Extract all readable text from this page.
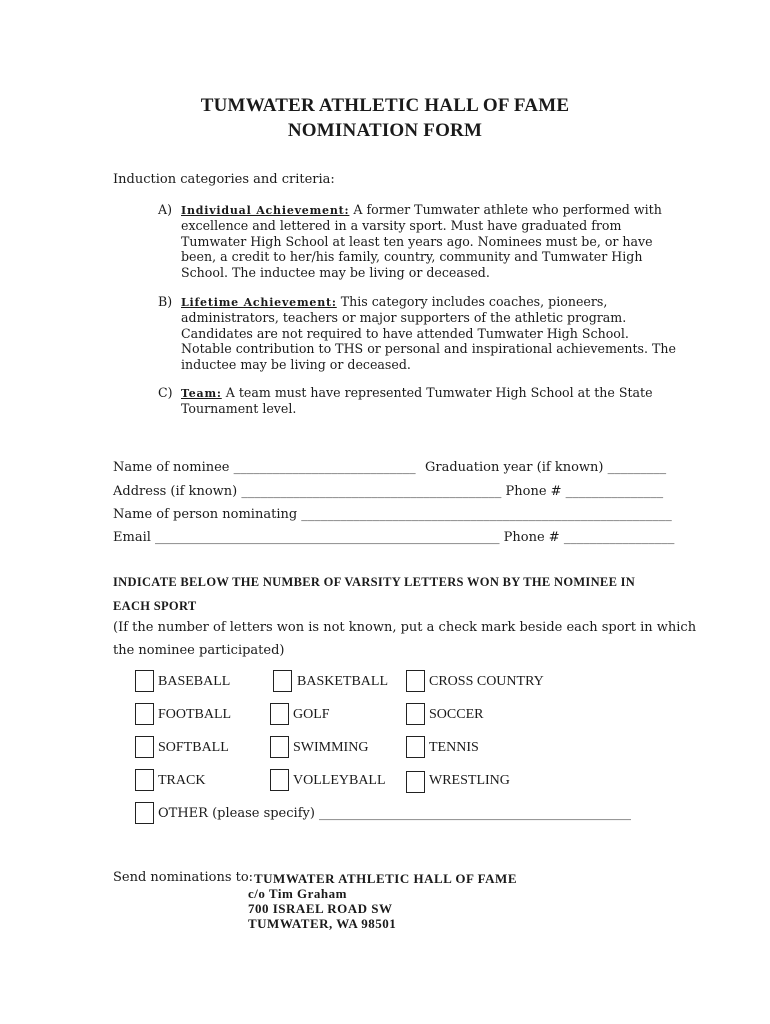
TUMWATER ATHLETIC HALL OF FAME
NOMINATION FORM
Induction categories and criteria:
A) Individual Achievement: A former Tumwater athlete who performed with
excellence and lettered in a varsity sport. Must have graduated from
Tumwater High School at least ten years ago. Nominees must be, or have
been, a credit to her/his family, country, community and Tumwater High
School. The inductee may be living or deceased.
B) Lifetime Achievement: This category includes coaches, pioneers,
administrators, teachers or major supporters of the athletic program.
Candidates are not required to have attended Tumwater High School.
Notable contribution to THS or personal and inspirational achievements. The
inductee may be living or deceased.
C) Team: A team must have represented Tumwater High School at the State
Tournament level.
Name of nominee ____________________________ Graduation year (if known) _________
Address (if known) ________________________________________ Phone # _______________
Name of person nominating _________________________________________________________
Email _____________________________________________________ Phone # _________________
INDICATE BELOW THE NUMBER OF VARSITY LETTERS WON BY THE NOMINEE IN
EACH SPORT
(If the number of letters won is not known, put a check mark beside each sport in which
the nominee participated)
BASEBALL	BASKETBALL	CROSS COUNTRY
FOOTBALL	GOLF	SOCCER
SOFTBALL	SWIMMING	TENNIS
TRACK	VOLLEYBALL	WRESTLING
OTHER (please specify) ________________________________________________
Send nominations to: TUMWATER ATHLETIC HALL OF FAME
c/o Tim Graham
700 ISRAEL ROAD SW
TUMWATER, WA 98501
